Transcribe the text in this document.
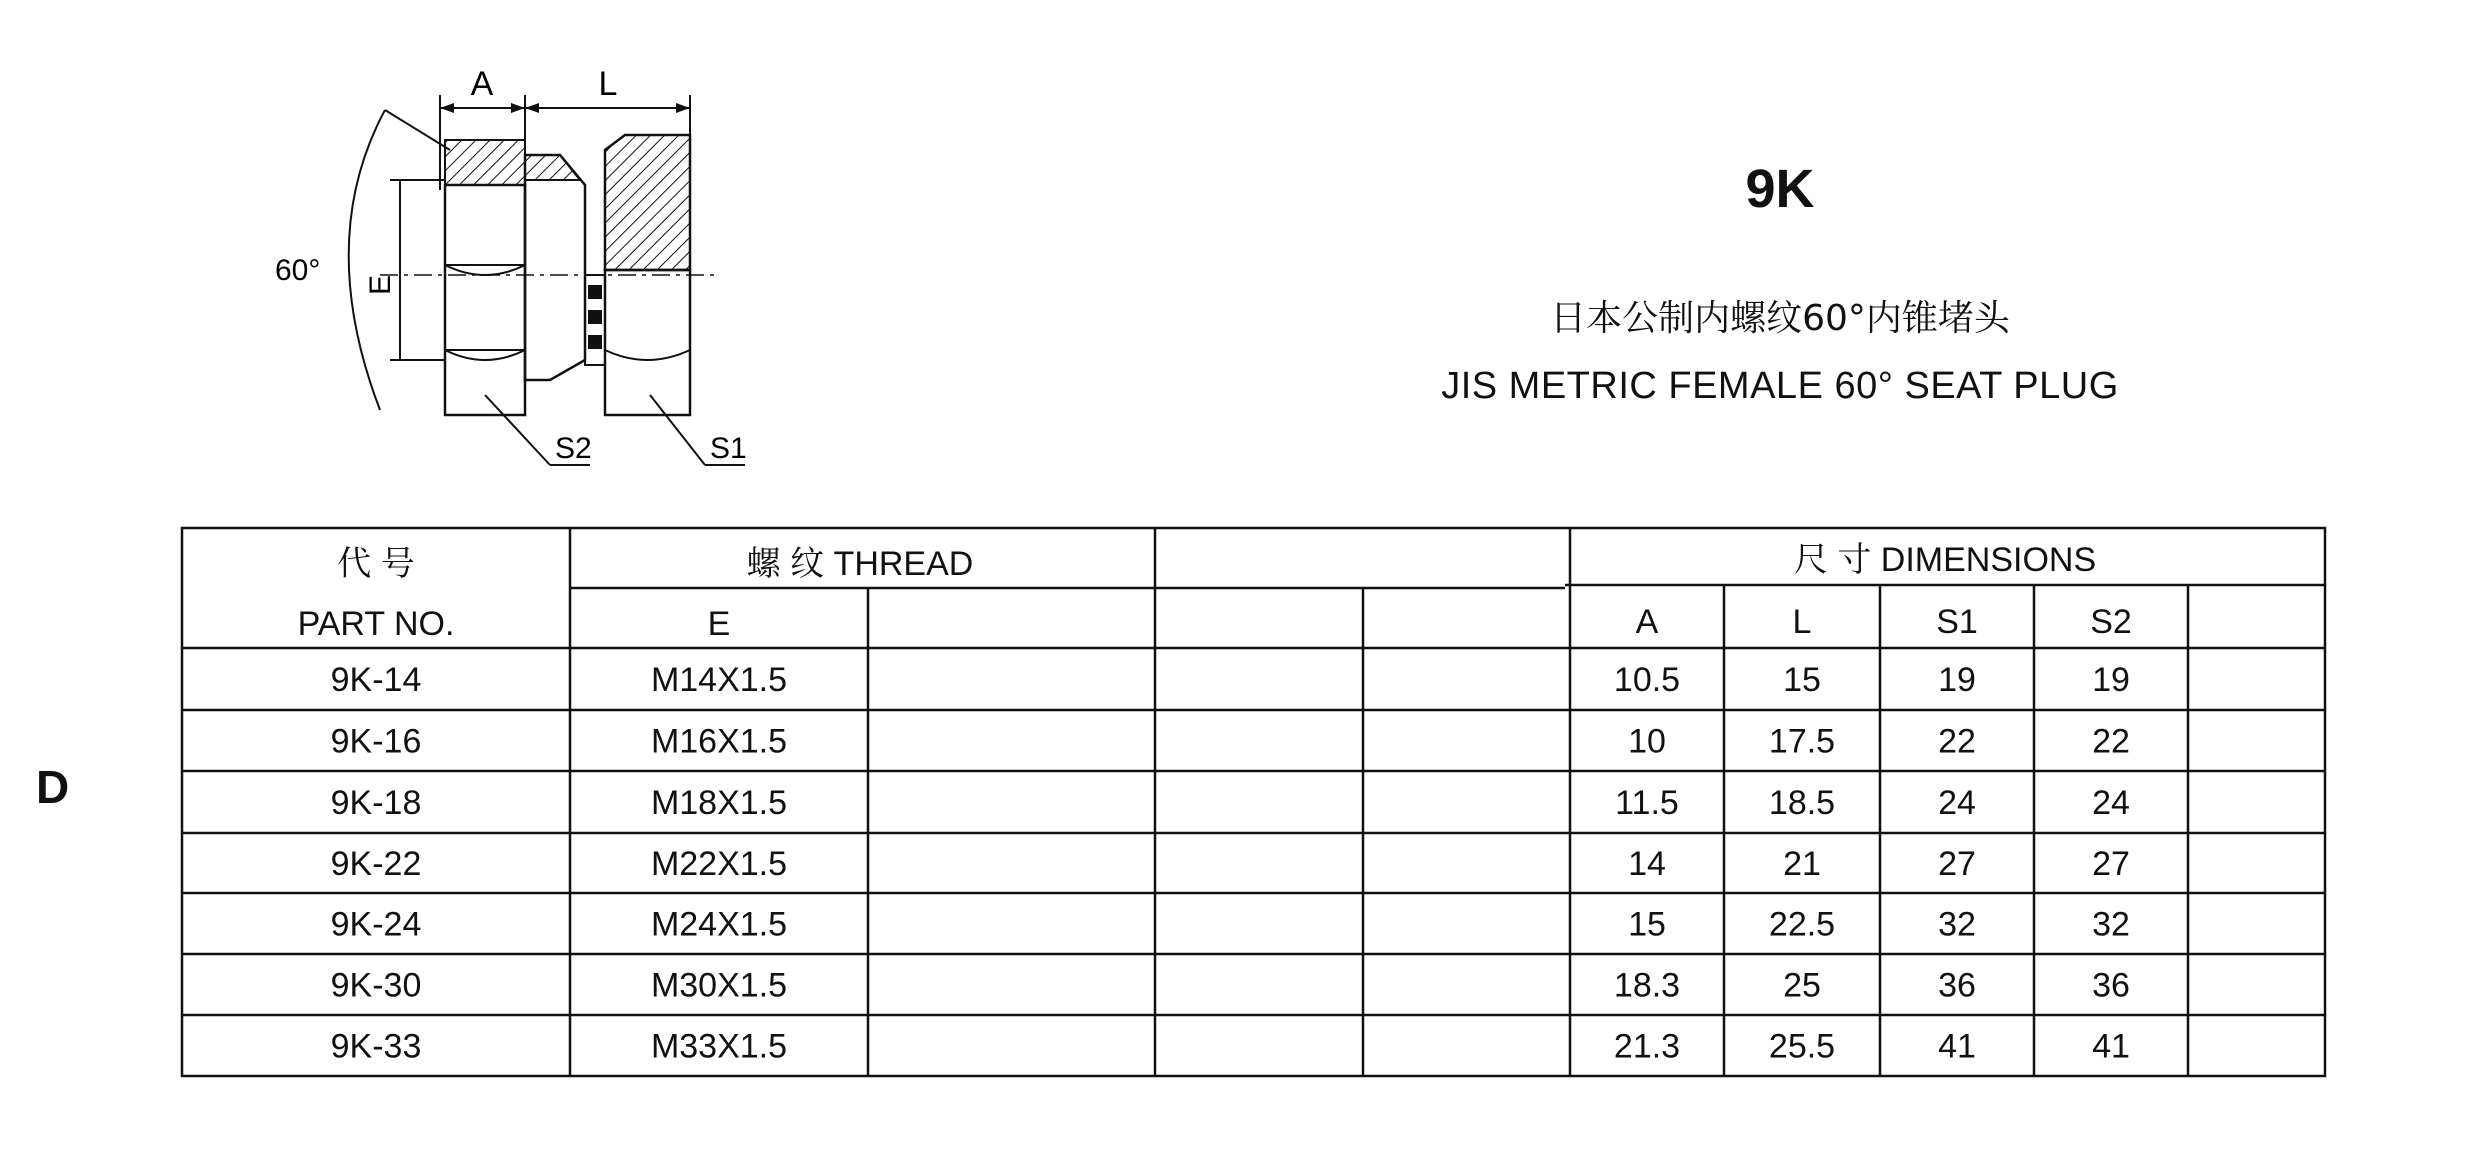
A	L
60° E
S2	S1
9K
日本公制内螺纹60°内锥堵头
JIS METRIC FEMALE 60° SEAT PLUG
D
代 号
PART NO.
螺 纹 THREAD
E
尺 寸 DIMENSIONS
A	L	S1	S2
9K-14	M14X1.5	10.5	15	19	19
9K-16	M16X1.5	10	17.5	22	22
9K-18	M18X1.5	11.5	18.5	24	24
9K-22	M22X1.5	14	21	27	27
9K-24	M24X1.5	15	22.5	32	32
9K-30	M30X1.5	18.3	25	36	36
9K-33	M33X1.5	21.3	25.5	41	41
